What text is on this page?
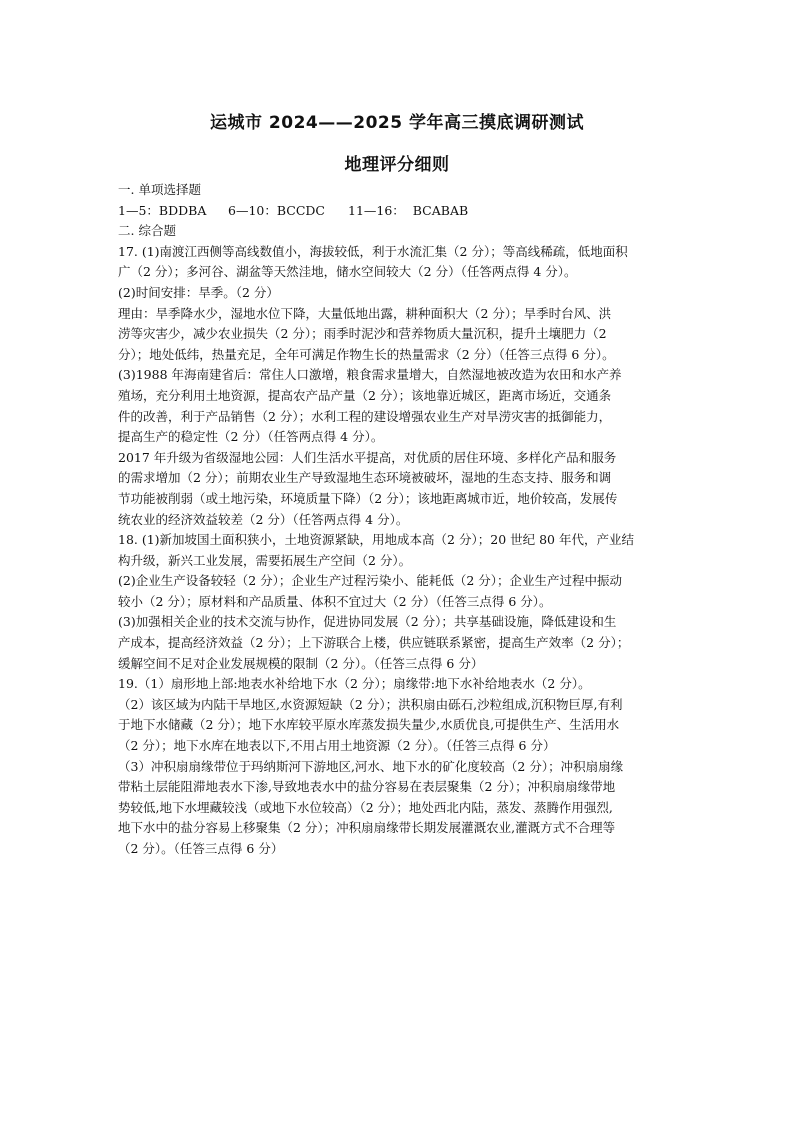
运城市 2024——2025 学年高三摸底调研测试
地理评分细则
一. 单项选择题
1—5：BDDBA 6—10：BCCDC 11—16：  BCABAB
二. 综合题
17. (1)南渡江西侧等高线数值小，海拔较低，利于水流汇集（2 分）；等高线稀疏，低地面积
广（2 分）；多河谷、湖盆等天然洼地，储水空间较大（2 分）（任答两点得 4 分）。
(2)时间安排：旱季。（2 分）
理由：旱季降水少，湿地水位下降，大量低地出露，耕种面积大（2 分）；旱季时台风、洪
涝等灾害少，减少农业损失（2 分）；雨季时泥沙和营养物质大量沉积，提升土壤肥力（2
分）；地处低纬，热量充足，全年可满足作物生长的热量需求（2 分）（任答三点得 6 分）。
(3)1988 年海南建省后：常住人口激增，粮食需求量增大，自然湿地被改造为农田和水产养
殖场，充分利用土地资源，提高农产品产量（2 分）；该地靠近城区，距离市场近，交通条
件的改善，利于产品销售（2 分）；水利工程的建设增强农业生产对旱涝灾害的抵御能力，
提高生产的稳定性（2 分）（任答两点得 4 分）。
2017 年升级为省级湿地公园：人们生活水平提高，对优质的居住环境、多样化产品和服务
的需求增加（2 分）；前期农业生产导致湿地生态环境被破坏，湿地的生态支持、服务和调
节功能被削弱（或土地污染，环境质量下降）（2 分）；该地距离城市近，地价较高，发展传
统农业的经济效益较差（2 分）（任答两点得 4 分）。
18. (1)新加坡国土面积狭小，土地资源紧缺，用地成本高（2 分）；20 世纪 80 年代，产业结
构升级，新兴工业发展，需要拓展生产空间（2 分）。
(2)企业生产设备较轻（2 分）；企业生产过程污染小、能耗低（2 分）；企业生产过程中振动
较小（2 分）；原材料和产品质量、体积不宜过大（2 分）（任答三点得 6 分）。
(3)加强相关企业的技术交流与协作，促进协同发展（2 分）；共享基础设施，降低建设和生
产成本，提高经济效益（2 分）；上下游联合上楼，供应链联系紧密，提高生产效率（2 分）；
缓解空间不足对企业发展规模的限制（2 分）。（任答三点得 6 分）
19.（1）扇形地上部:地表水补给地下水（2 分）；扇缘带:地下水补给地表水（2 分）。
（2）该区域为内陆干旱地区,水资源短缺（2 分）；洪积扇由砾石,沙粒组成,沉积物巨厚,有利
于地下水储藏（2 分）；地下水库较平原水库蒸发损失量少,水质优良,可提供生产、生活用水
（2 分）；地下水库在地表以下,不用占用土地资源（2 分）。（任答三点得 6 分）
（3）冲积扇扇缘带位于玛纳斯河下游地区,河水、地下水的矿化度较高（2 分）；冲积扇扇缘
带粘土层能阻滞地表水下渗,导致地表水中的盐分容易在表层聚集（2 分）；冲积扇扇缘带地
势较低,地下水埋藏较浅（或地下水位较高）（2 分）；地处西北内陆，蒸发、蒸腾作用强烈,
地下水中的盐分容易上移聚集（2 分）；冲积扇扇缘带长期发展灌溉农业,灌溉方式不合理等
（2 分）。（任答三点得 6 分）
